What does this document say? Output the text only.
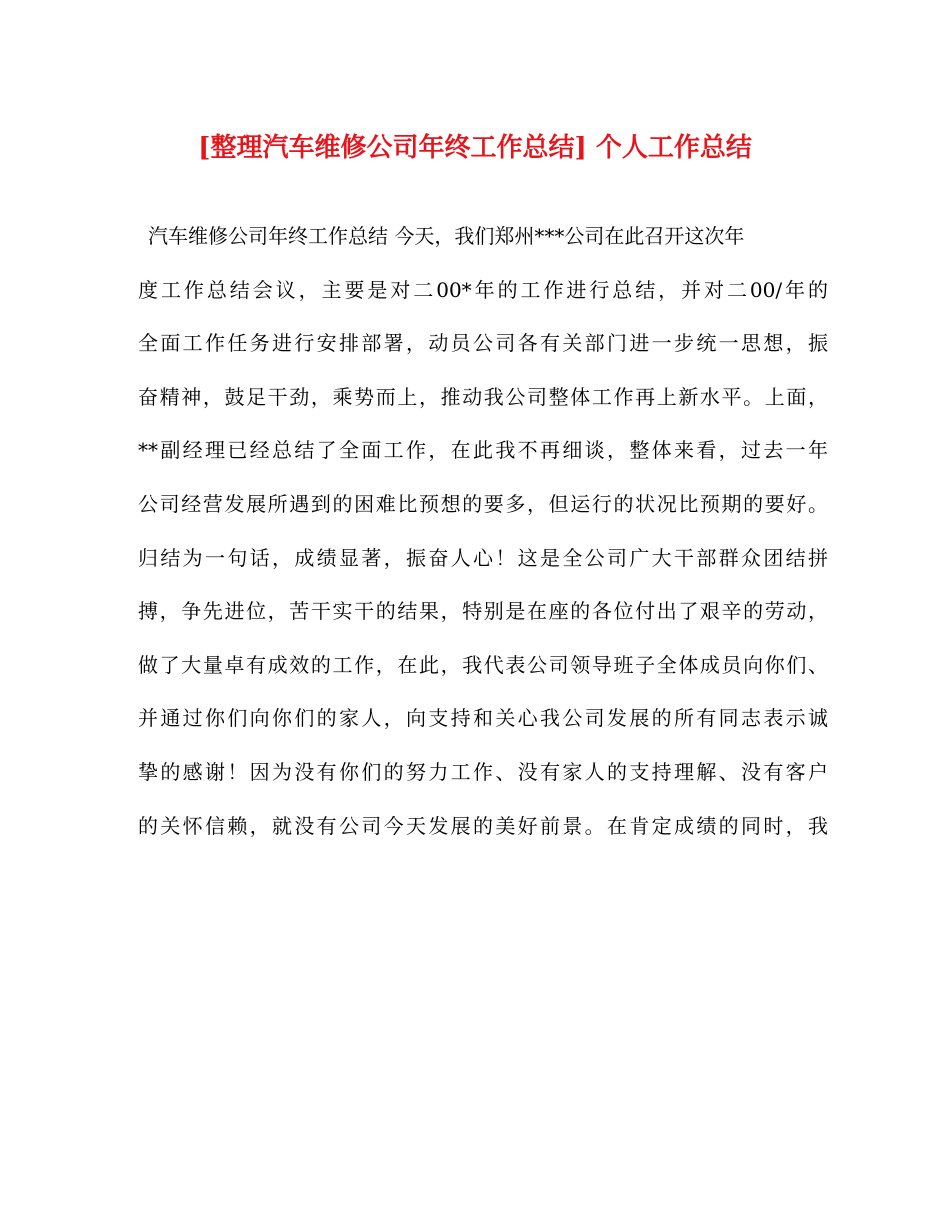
[整理汽车维修公司年终工作总结] 个人工作总结
汽车维修公司年终工作总结 今天，我们郑州***公司在此召开这次年
度工作总结会议，主要是对二00*年的工作进行总结，并对二00/年的
全面工作任务进行安排部署，动员公司各有关部门进一步统一思想，振
奋精神，鼓足干劲，乘势而上，推动我公司整体工作再上新水平。上面，
**副经理已经总结了全面工作，在此我不再细谈，整体来看，过去一年
公司经营发展所遇到的困难比预想的要多，但运行的状况比预期的要好。
归结为一句话，成绩显著，振奋人心！这是全公司广大干部群众团结拼
搏，争先进位，苦干实干的结果，特别是在座的各位付出了艰辛的劳动，
做了大量卓有成效的工作，在此，我代表公司领导班子全体成员向你们、
并通过你们向你们的家人，向支持和关心我公司发展的所有同志表示诚
挚的感谢！因为没有你们的努力工作、没有家人的支持理解、没有客户
的关怀信赖，就没有公司今天发展的美好前景。在肯定成绩的同时，我
